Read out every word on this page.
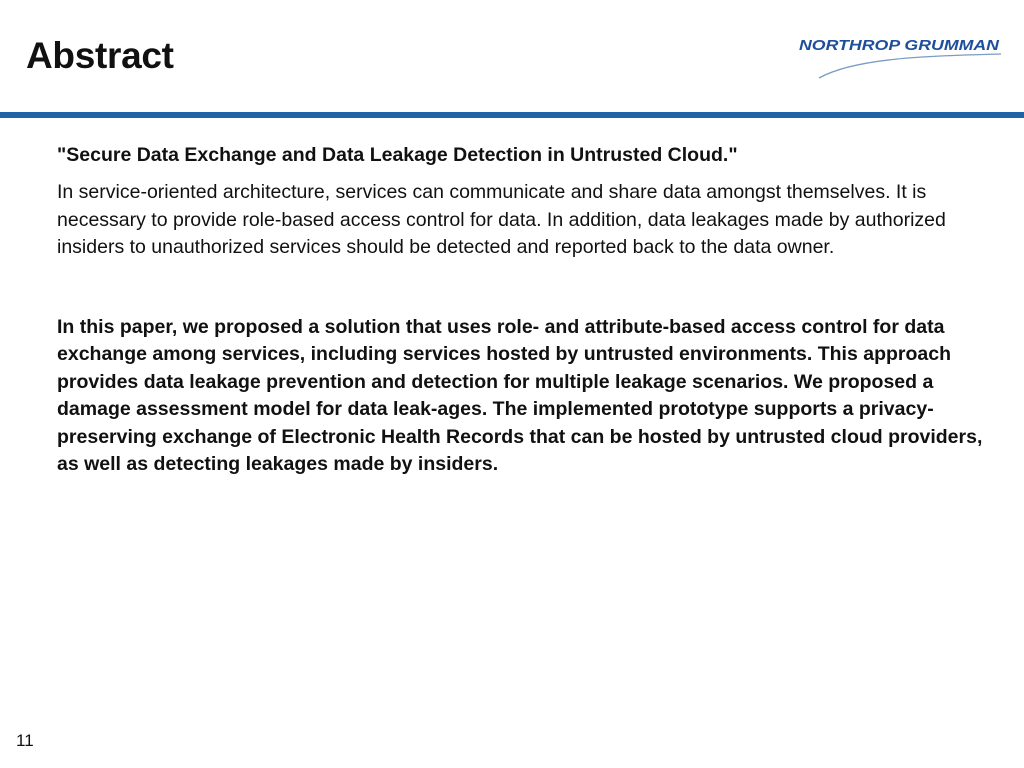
Abstract	NORTHROP GRUMMAN

"Secure Data Exchange and Data Leakage Detection in Untrusted Cloud."

In service-oriented architecture, services can communicate and share data amongst themselves. It is necessary to provide role-based access control for data. In addition, data leakages made by authorized insiders to unauthorized services should be detected and reported back to the data owner.

In this paper, we proposed a solution that uses role- and attribute-based access control for data exchange among services, including services hosted by untrusted environments. This approach provides data leakage prevention and detection for multiple leakage scenarios. We proposed a damage assessment model for data leak-ages. The implemented prototype supports a privacy-preserving exchange of Electronic Health Records that can be hosted by untrusted cloud providers, as well as detecting leakages made by insiders.

11
